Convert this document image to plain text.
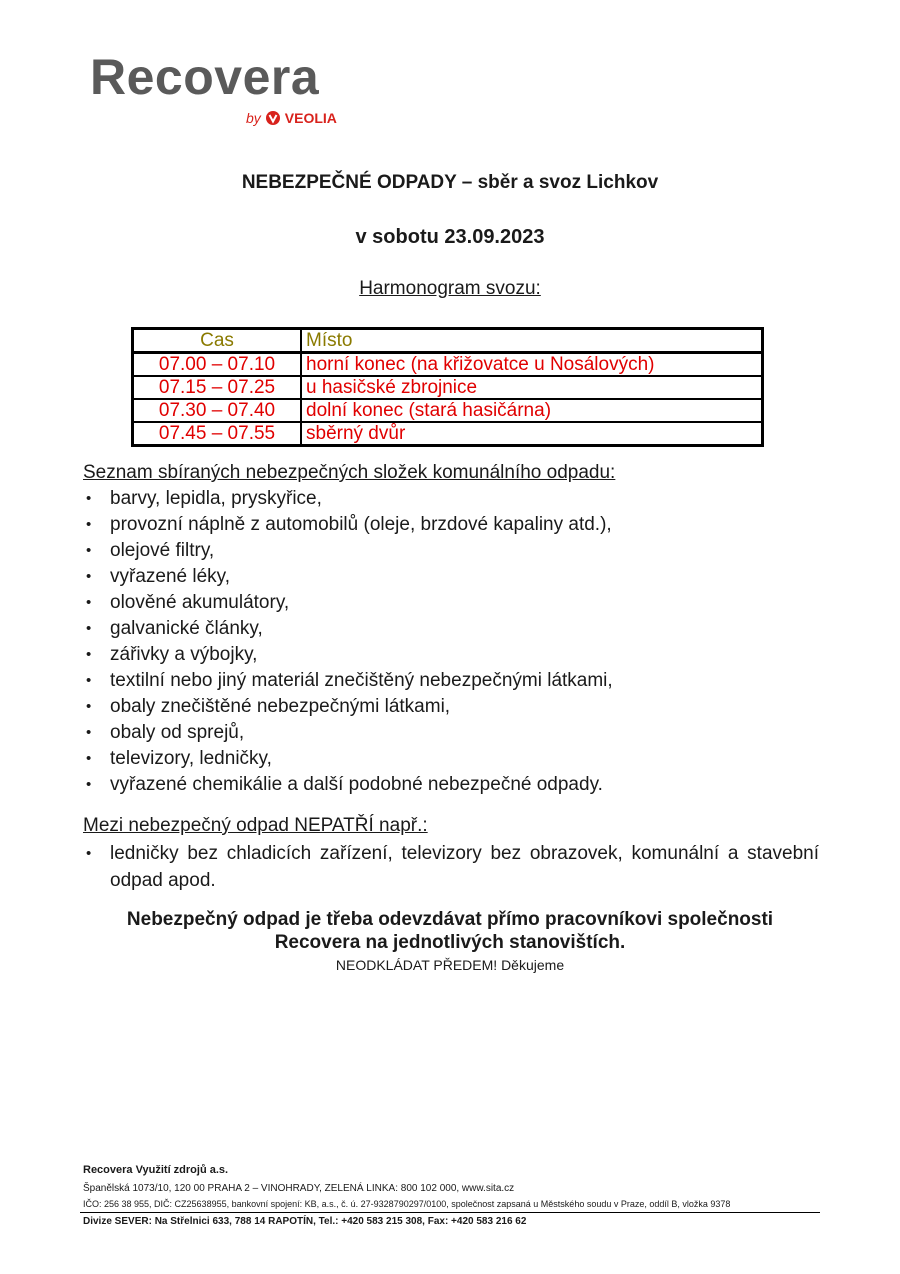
Recovera
by VEOLIA
NEBEZPEČNÉ ODPADY – sběr a svoz Lichkov
v sobotu 23.09.2023
Harmonogram svozu:
Cas	Místo
07.00 – 07.10	horní konec (na křižovatce u Nosálových)
07.15 – 07.25	u hasičské zbrojnice
07.30 – 07.40	dolní konec (stará hasičárna)
07.45 – 07.55	sběrný dvůr
Seznam sbíraných nebezpečných složek komunálního odpadu:
• barvy, lepidla, pryskyřice,
• provozní náplně z automobilů (oleje, brzdové kapaliny atd.),
• olejové filtry,
• vyřazené léky,
• olověné akumulátory,
• galvanické články,
• zářivky a výbojky,
• textilní nebo jiný materiál znečištěný nebezpečnými látkami,
• obaly znečištěné nebezpečnými látkami,
• obaly od sprejů,
• televizory, ledničky,
• vyřazené chemikálie a další podobné nebezpečné odpady.
Mezi nebezpečný odpad NEPATŘÍ např.:
• ledničky bez chladicích zařízení, televizory bez obrazovek, komunální a stavební odpad apod.
Nebezpečný odpad je třeba odevzdávat přímo pracovníkovi společnosti
Recovera na jednotlivých stanovištích.
NEODKLÁDAT PŘEDEM! Děkujeme
Recovera Využití zdrojů a.s.
Španělská 1073/10, 120 00 PRAHA 2 – VINOHRADY, ZELENÁ LINKA: 800 102 000, www.sita.cz
IČO: 256 38 955, DIČ: CZ25638955, bankovní spojení: KB, a.s., č. ú. 27-9328790297/0100, společnost zapsaná u Městského soudu v Praze, oddíl B, vložka 9378
Divize SEVER: Na Střelnici 633, 788 14 RAPOTÍN, Tel.: +420 583 215 308, Fax: +420 583 216 62
